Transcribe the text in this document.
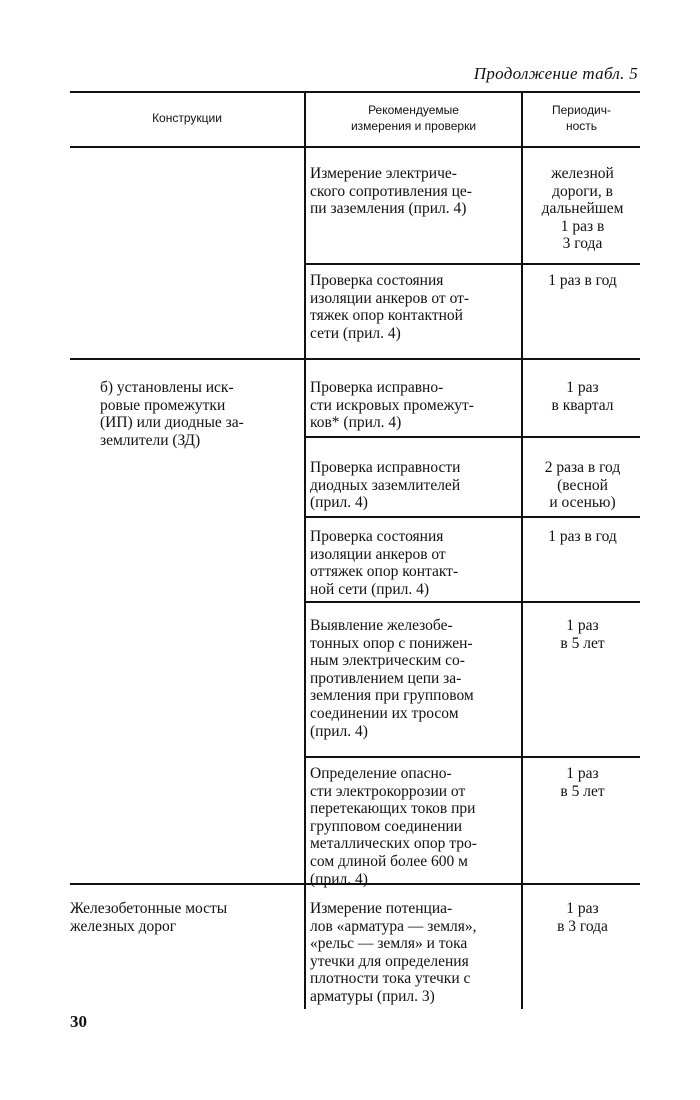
Продолжение табл. 5
Конструкции
Рекомендуемые
измерения и проверки
Периодич-
ность
Измерение электриче-
ского сопротивления це-
пи заземления (прил. 4)
железной
дороги, в
дальнейшем
1 раз в
3 года
Проверка состояния
изоляции анкеров от от-
тяжек опор контактной
сети (прил. 4)
1 раз в год
б) установлены иск-
ровые промежутки
(ИП) или диодные за-
землители (ЗД)
Проверка исправно-
сти искровых промежут-
ков* (прил. 4)
1 раз
в квартал
Проверка исправности
диодных заземлителей
(прил. 4)
2 раза в год
(весной
и осенью)
Проверка состояния
изоляции анкеров от
оттяжек опор контакт-
ной сети (прил. 4)
1 раз в год
Выявление железобе-
тонных опор с понижен-
ным электрическим со-
противлением цепи за-
земления при групповом
соединении их тросом
(прил. 4)
1 раз
в 5 лет
Определение опасно-
сти электрокоррозии от
перетекающих токов при
групповом соединении
металлических опор тро-
сом длиной более 600 м
(прил. 4)
1 раз
в 5 лет
Железобетонные мосты
железных дорог
Измерение потенциа-
лов «арматура — земля»,
«рельс — земля» и тока
утечки для определения
плотности тока утечки с
арматуры (прил. 3)
1 раз
в 3 года
30
